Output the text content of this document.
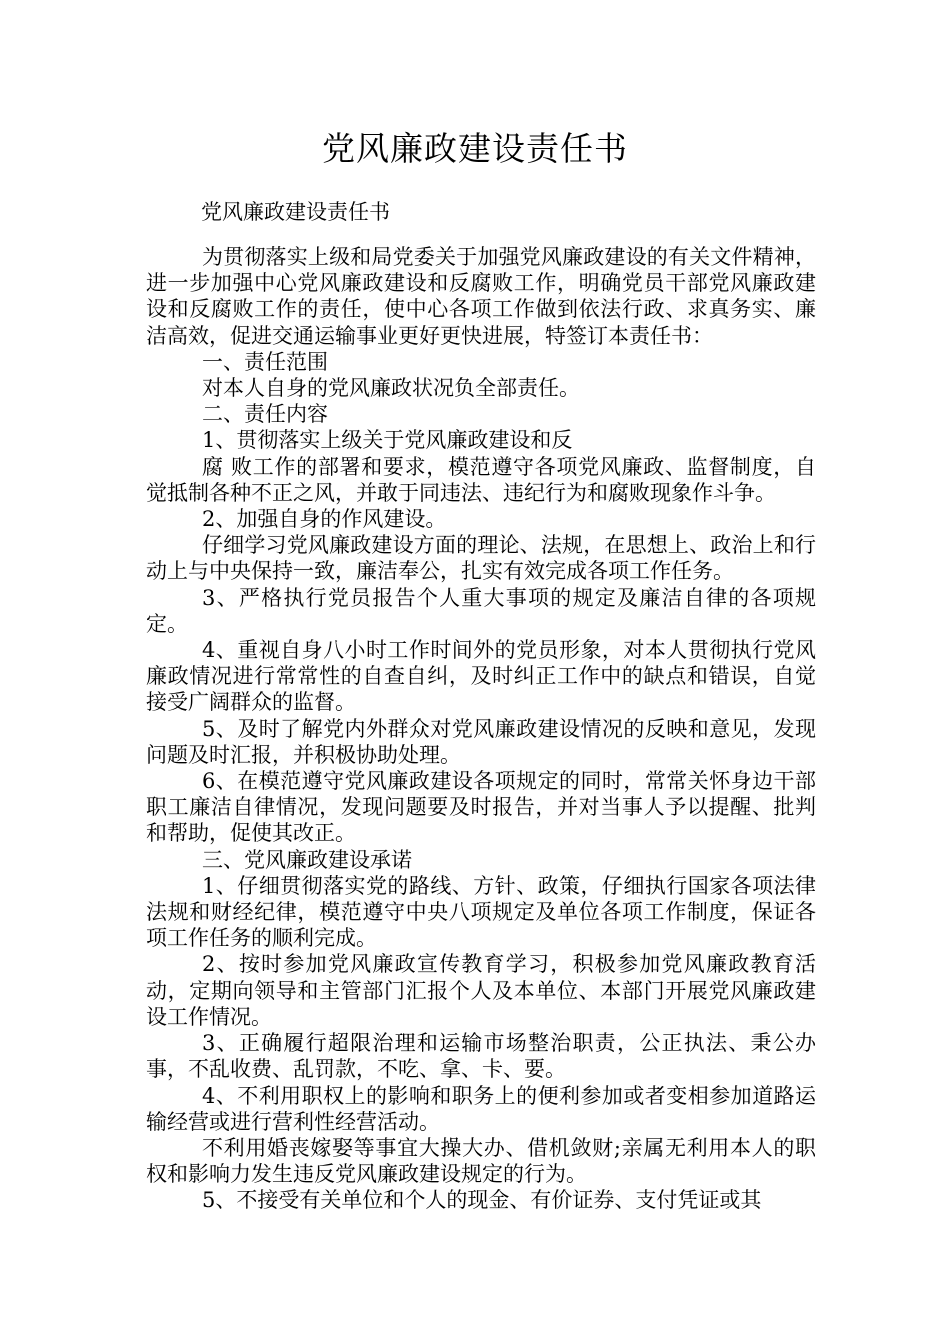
党风廉政建设责任书
党风廉政建设责任书

为贯彻落实上级和局党委关于加强党风廉政建设的有关文件精神，进一步加强中心党风廉政建设和反腐败工作，明确党员干部党风廉政建设和反腐败工作的责任，使中心各项工作做到依法行政、求真务实、廉洁高效，促进交通运输事业更好更快进展，特签订本责任书：

一、责任范围

对本人自身的党风廉政状况负全部责任。

二、责任内容

1、贯彻落实上级关于党风廉政建设和反

腐 败工作的部署和要求，模范遵守各项党风廉政、监督制度，自觉抵制各种不正之风，并敢于同违法、违纪行为和腐败现象作斗争。

2、加强自身的作风建设。

仔细学习党风廉政建设方面的理论、法规，在思想上、政治上和行动上与中央保持一致，廉洁奉公，扎实有效完成各项工作任务。

3、严格执行党员报告个人重大事项的规定及廉洁自律的各项规定。

4、重视自身八小时工作时间外的党员形象，对本人贯彻执行党风廉政情况进行常常性的自查自纠，及时纠正工作中的缺点和错误，自觉接受广阔群众的监督。

5、及时了解党内外群众对党风廉政建设情况的反映和意见，发现问题及时汇报，并积极协助处理。

6、在模范遵守党风廉政建设各项规定的同时，常常关怀身边干部职工廉洁自律情况，发现问题要及时报告，并对当事人予以提醒、批判和帮助，促使其改正。

三、党风廉政建设承诺

1、仔细贯彻落实党的路线、方针、政策，仔细执行国家各项法律法规和财经纪律，模范遵守中央八项规定及单位各项工作制度，保证各项工作任务的顺利完成。

2、按时参加党风廉政宣传教育学习，积极参加党风廉政教育活动，定期向领导和主管部门汇报个人及本单位、本部门开展党风廉政建设工作情况。

3、正确履行超限治理和运输市场整治职责，公正执法、秉公办事，不乱收费、乱罚款，不吃、拿、卡、要。

4、不利用职权上的影响和职务上的便利参加或者变相参加道路运输经营或进行营利性经营活动。

不利用婚丧嫁娶等事宜大操大办、借机敛财;亲属无利用本人的职权和影响力发生违反党风廉政建设规定的行为。

5、不接受有关单位和个人的现金、有价证券、支付凭证或其
